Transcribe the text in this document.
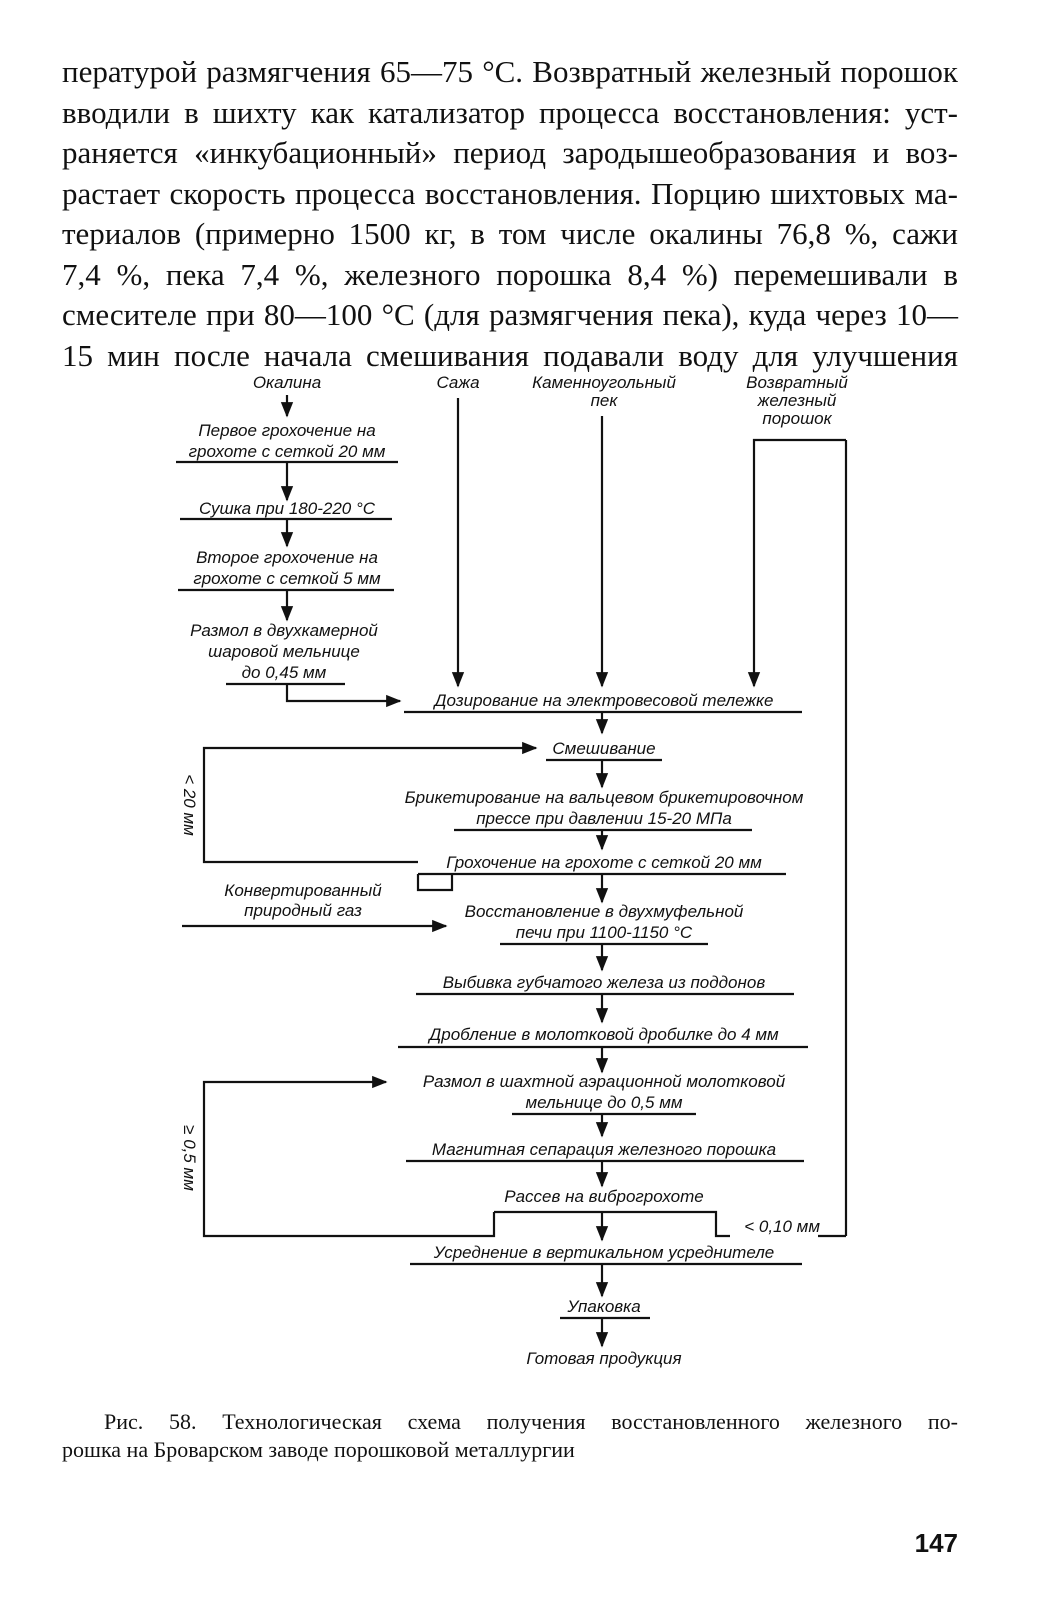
пературой размягчения 65—75 °С. Возвратный железный порошок
вводили в шихту как катализатор процесса восстановления: уст-
раняется «инкубационный» период зародышеобразования и воз-
растает скорость процесса восстановления. Порцию шихтовых ма-
териалов (примерно 1500 кг, в том числе окалины 76,8 %, сажи
7,4 %, пека 7,4 %, железного порошка 8,4 %) перемешивали в
смесителе при 80—100 °С (для размягчения пека), куда через 10—
15 мин после начала смешивания подавали воду для улучшения
Окалина	Сажа	Каменноугольный
пек
Возвратный
железный
порошок
Первое грохочение на
грохоте с сеткой 20 мм
Сушка при 180-220 °С
Второе грохочение на
грохоте с сеткой 5 мм
Размол в двухкамерной
шаровой мельнице
до 0,45 мм
Дозирование на электровесовой тележке
Смешивание
Брикетирование на вальцевом брикетировочном
прессе при давлении 15-20 МПа
Грохочение на грохоте с сеткой 20 мм
< 20 мм
Конвертированный
природный газ	Восстановление в двухмуфельной
печи при 1100-1150 °С
Выбивка губчатого железа из поддонов
Дробление в молотковой дробилке до 4 мм
Размол в шахтной аэрационной молотковой
мельнице до 0,5 мм
Магнитная сепарация железного порошка
Рассев на виброгрохоте
≥ 0,5 мм
< 0,10 мм
Усреднение в вертикальном усреднителе
Упаковка
Готовая продукция
Рис. 58. Технологическая схема получения восстановленного железного по-
рошка на Броварском заводе порошковой металлургии
147
